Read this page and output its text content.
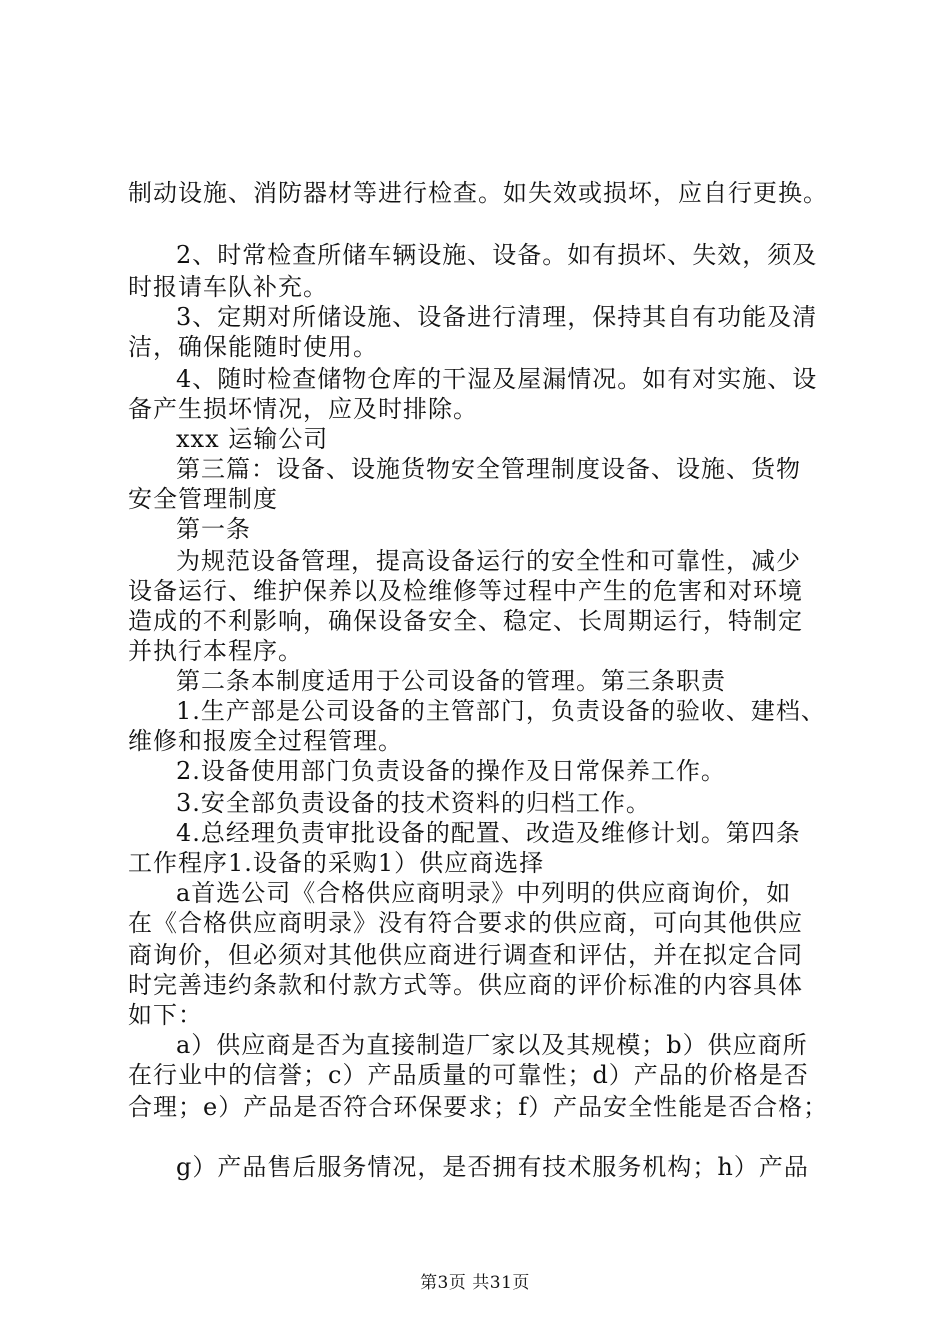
制动设施、消防器材等进行检查。如失效或损坏，应自行更换。
2、时常检查所储车辆设施、设备。如有损坏、失效，须及
时报请车队补充。
3、定期对所储设施、设备进行清理，保持其自有功能及清
洁，确保能随时使用。
4、随时检查储物仓库的干湿及屋漏情况。如有对实施、设
备产生损坏情况，应及时排除。
xxx 运输公司
第三篇：设备、设施货物安全管理制度设备、设施、货物
安全管理制度
第一条
为规范设备管理，提高设备运行的安全性和可靠性，减少
设备运行、维护保养以及检维修等过程中产生的危害和对环境
造成的不利影响，确保设备安全、稳定、长周期运行，特制定
并执行本程序。
第二条本制度适用于公司设备的管理。第三条职责
1.生产部是公司设备的主管部门，负责设备的验收、建档、
维修和报废全过程管理。
2.设备使用部门负责设备的操作及日常保养工作。
3.安全部负责设备的技术资料的归档工作。
4.总经理负责审批设备的配置、改造及维修计划。第四条
工作程序1.设备的采购1）供应商选择
a首选公司《合格供应商明录》中列明的供应商询价，如
在《合格供应商明录》没有符合要求的供应商，可向其他供应
商询价，但必须对其他供应商进行调查和评估，并在拟定合同
时完善违约条款和付款方式等。供应商的评价标准的内容具体
如下：
a）供应商是否为直接制造厂家以及其规模；b）供应商所
在行业中的信誉；c）产品质量的可靠性；d）产品的价格是否
合理；e）产品是否符合环保要求；f）产品安全性能是否合格；
g）产品售后服务情况，是否拥有技术服务机构；h）产品
第3页 共31页
